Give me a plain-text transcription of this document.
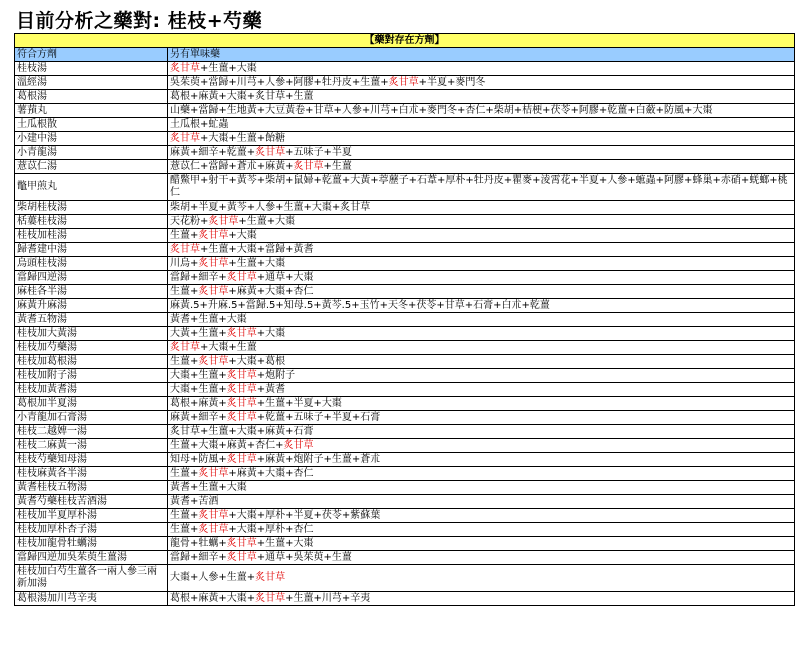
目前分析之藥對: 桂枝+芍藥
【藥對存在方劑】	
符合方劑	另有單味藥
桂枝湯	炙甘草+生薑+大棗
溫經湯	吳茱萸+當歸+川芎+人參+阿膠+牡丹皮+生薑+炙甘草+半夏+麥門冬
葛根湯	葛根+麻黃+大棗+炙甘草+生薑
薯蕷丸	山藥+當歸+生地黃+大豆黃卷+甘草+人參+川芎+白朮+麥門冬+杏仁+柴胡+桔梗+茯苓+阿膠+乾薑+白蘞+防風+大棗
土瓜根散	土瓜根+虻蟲
小建中湯	炙甘草+大棗+生薑+飴糖
小青龍湯	麻黃+細辛+乾薑+炙甘草+五味子+半夏
薏苡仁湯	薏苡仁+當歸+蒼朮+麻黃+炙甘草+生薑
鼈甲煎丸	醋鱉甲+射干+黃芩+柴胡+鼠婦+乾薑+大黃+葶藶子+石葦+厚朴+牡丹皮+瞿麥+淩霄花+半夏+人參+蟅蟲+阿膠+蜂巢+赤硝+蜣螂+桃仁
柴胡桂枝湯	柴胡+半夏+黃芩+人參+生薑+大棗+炙甘草
栝蔞桂枝湯	天花粉+炙甘草+生薑+大棗
桂枝加桂湯	生薑+炙甘草+大棗
歸耆建中湯	炙甘草+生薑+大棗+當歸+黃耆
烏頭桂枝湯	川烏+炙甘草+生薑+大棗
當歸四逆湯	當歸+細辛+炙甘草+通草+大棗
麻桂各半湯	生薑+炙甘草+麻黃+大棗+杏仁
麻黃升麻湯	麻黃.5+升麻.5+當歸.5+知母.5+黃芩.5+玉竹+天冬+茯苓+甘草+石膏+白朮+乾薑
黃耆五物湯	黃耆+生薑+大棗
桂枝加大黃湯	大黃+生薑+炙甘草+大棗
桂枝加芍藥湯	炙甘草+大棗+生薑
桂枝加葛根湯	生薑+炙甘草+大棗+葛根
桂枝加附子湯	大棗+生薑+炙甘草+炮附子
桂枝加黃耆湯	大棗+生薑+炙甘草+黃耆
葛根加半夏湯	葛根+麻黃+炙甘草+生薑+半夏+大棗
小青龍加石膏湯	麻黃+細辛+炙甘草+乾薑+五味子+半夏+石膏
桂枝二越婢一湯	炙甘草+生薑+大棗+麻黃+石膏
桂枝二麻黃一湯	生薑+大棗+麻黃+杏仁+炙甘草
桂枝芍藥知母湯	知母+防風+炙甘草+麻黃+炮附子+生薑+蒼朮
桂枝麻黃各半湯	生薑+炙甘草+麻黃+大棗+杏仁
黃耆桂枝五物湯	黃耆+生薑+大棗
黃耆芍藥桂枝苦酒湯	黃耆+苦酒
桂枝加半夏厚朴湯	生薑+炙甘草+大棗+厚朴+半夏+茯苓+紫蘇葉
桂枝加厚朴杏子湯	生薑+炙甘草+大棗+厚朴+杏仁
桂枝加龍骨牡蠣湯	龍骨+牡蠣+炙甘草+生薑+大棗
當歸四逆加吳茱萸生薑湯	當歸+細辛+炙甘草+通草+吳茱萸+生薑
桂枝加白芍生薑各一兩人參三兩新加湯	大棗+人參+生薑+炙甘草
葛根湯加川芎辛夷	葛根+麻黃+大棗+炙甘草+生薑+川芎+辛夷
